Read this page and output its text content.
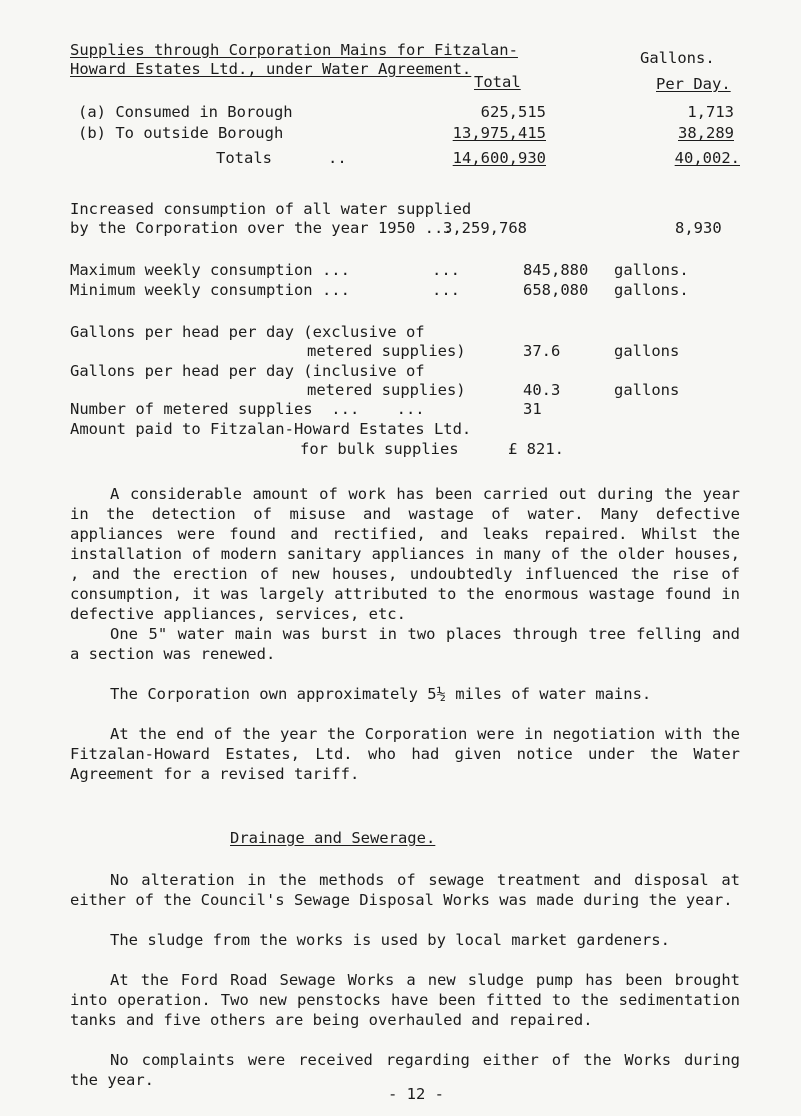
Supplies through Corporation Mains for Fitzalan-
Howard Estates Ltd., under Water Agreement.
Gallons.
Total	Per Day.
(a) Consumed in Borough	625,515	1,713
(b) To outside Borough	13,975,415	38,289
Totals      ..	14,600,930	40,002.
Increased consumption of all water supplied
by the Corporation over the year 1950 ...
3,259,768	8,930
Maximum weekly consumption ...	...	845,880 gallons.
Minimum weekly consumption ...	...	658,080 gallons.
Gallons per head per day (exclusive of
metered supplies)	37.6	gallons
Gallons per head per day (inclusive of
metered supplies)	40.3	gallons
Number of metered supplies  ...    ...	31
Amount paid to Fitzalan-Howard Estates Ltd.
for bulk supplies	£ 821.

A considerable amount of work has been carried out during the year in the detection of misuse and wastage of water. Many defective appliances were found and rectified, and leaks repaired. Whilst the installation of modern sanitary appliances in many of the older houses, , and the erection of new houses, undoubtedly influenced the rise of consumption, it was largely attributed to the enormous wastage found in defective appliances, services, etc.

One 5" water main was burst in two places through tree felling and a section was renewed.

The Corporation own approximately 5½ miles of water mains.

At the end of the year the Corporation were in negotiation with the Fitzalan-Howard Estates, Ltd. who had given notice under the Water Agreement for a revised tariff.

Drainage and Sewerage.

No alteration in the methods of sewage treatment and disposal at either of the Council's Sewage Disposal Works was made during the year.

The sludge from the works is used by local market gardeners.

At the Ford Road Sewage Works a new sludge pump has been brought into operation. Two new penstocks have been fitted to the sedimentation tanks and five others are being overhauled and repaired.

No complaints were received regarding either of the Works during the year.

- 12 -
